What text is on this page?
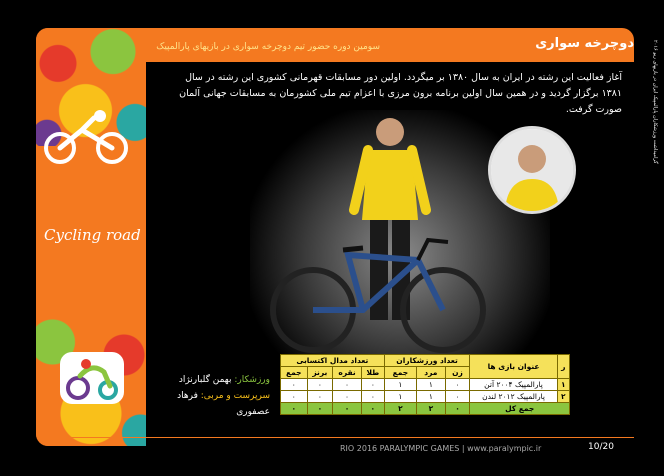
Cycling road
دوچرخه سواری
سومین دوره حضور تیم دوچرخه سواری در بازیهای پارالمپیک
آغاز فعالیت این رشته در ایران به سال ۱۳۸۰ بر میگردد. اولین دور مسابقات قهرمانی کشوری این رشته در سال ۱۳۸۱ برگزار گردید و در همین سال اولین برنامه برون مرزی با اعزام تیم ملی کشورمان به مسابقات جهانی آلمان صورت گرفت.
ورزشکار: بهمن گلبارنژاد
سرپرست و مربی: فرهاد عصفوری
ر	عنوان بازی ها	تعداد ورزشکاران			تعداد مدال اکتسابی			
		زن	مرد	جمع	طلا	نقره	برنز	جمع
۱	پارالمپیک ۲۰۰۴ آتن	۰	۱	۱	۰	۰	۰	۰
۲	پارالمپیک ۲۰۱۲ لندن	۰	۱	۱	۰	۰	۰	۰
جمع کل		۰	۲	۲	۰	۰	۰	۰
RIO 2016 PARALYMPIC GAMES | www.paralympic.ir	10/20
گرامیداشت ورزشکاران پارالمپیک ایران در بازیهای ریو ۲۰۱۶
